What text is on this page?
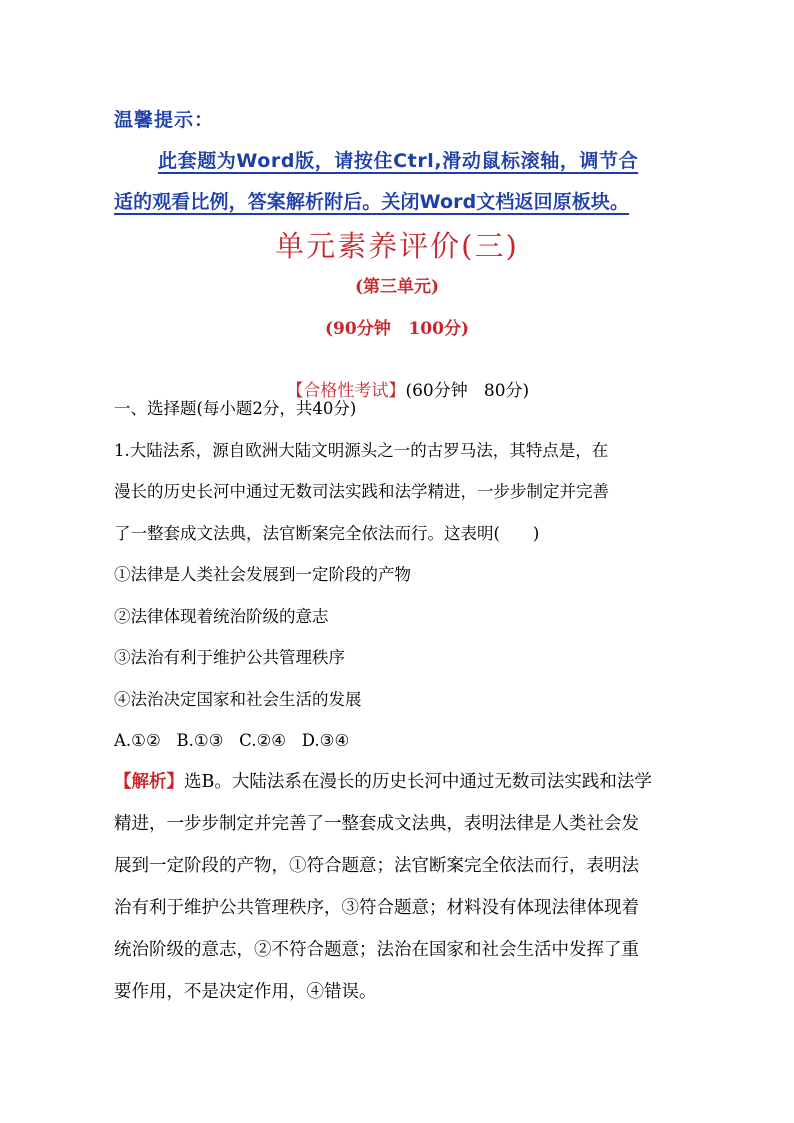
温馨提示：
此套题为Word版，请按住Ctrl,滑动鼠标滚轴，调节合
适的观看比例，答案解析附后。关闭Word文档返回原板块。
单元素养评价(三)
(第三单元)
(90分钟   100分)

【合格性考试】(60分钟   80分)

一、选择题(每小题2分，共40分)
1.大陆法系，源自欧洲大陆文明源头之一的古罗马法，其特点是，在
漫长的历史长河中通过无数司法实践和法学精进，一步步制定并完善
了一整套成文法典，法官断案完全依法而行。这表明(　　)
①法律是人类社会发展到一定阶段的产物
②法律体现着统治阶级的意志
③法治有利于维护公共管理秩序
④法治决定国家和社会生活的发展
A.①②   B.①③   C.②④   D.③④
【解析】选B。大陆法系在漫长的历史长河中通过无数司法实践和法学
精进，一步步制定并完善了一整套成文法典，表明法律是人类社会发
展到一定阶段的产物，①符合题意；法官断案完全依法而行，表明法
治有利于维护公共管理秩序，③符合题意；材料没有体现法律体现着
统治阶级的意志，②不符合题意；法治在国家和社会生活中发挥了重
要作用，不是决定作用，④错误。
